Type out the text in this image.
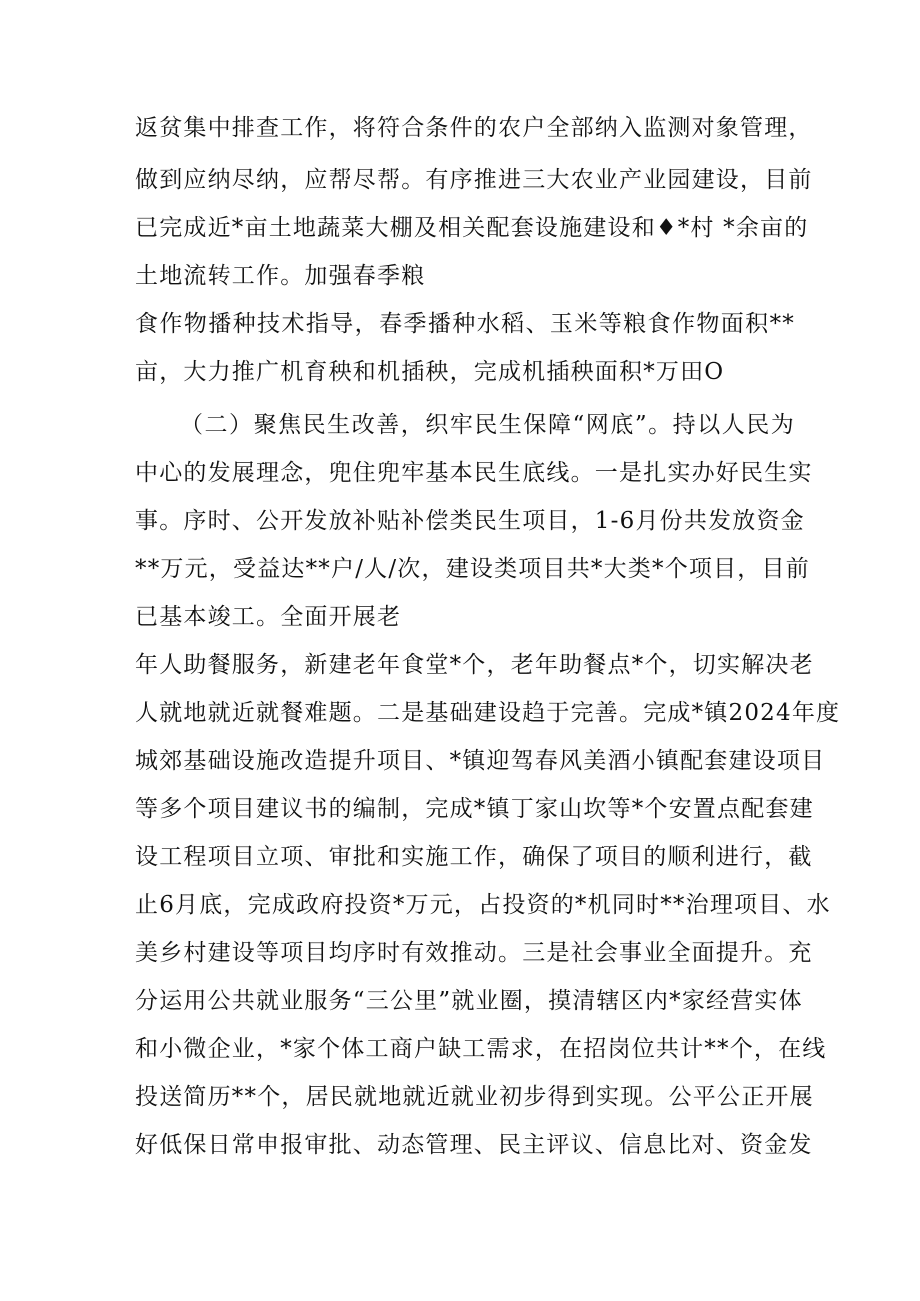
返贫集中排查工作，将符合条件的农户全部纳入监测对象管理，
做到应纳尽纳，应帮尽帮。有序推进三大农业产业园建设，目前
已完成近*亩土地蔬菜大棚及相关配套设施建设和♦*村 *余亩的
土地流转工作。加强春季粮
食作物播种技术指导，春季播种水稻、玉米等粮食作物面积**
亩，大力推广机育秧和机插秧，完成机插秧面积*万田O
（二）聚焦民生改善，织牢民生保障“网底”。持以人民为
中心的发展理念，兜住兜牢基本民生底线。一是扎实办好民生实
事。序时、公开发放补贴补偿类民生项目，1-6月份共发放资金
**万元，受益达**户/人/次，建设类项目共*大类*个项目，目前
已基本竣工。全面开展老
年人助餐服务，新建老年食堂*个，老年助餐点*个，切实解决老
人就地就近就餐难题。二是基础建设趋于完善。完成*镇2024年度
城郊基础设施改造提升项目、*镇迎驾春风美酒小镇配套建设项目
等多个项目建议书的编制，完成*镇丁家山坎等*个安置点配套建
设工程项目立项、审批和实施工作，确保了项目的顺利进行，截
止6月底，完成政府投资*万元，占投资的*机同时**治理项目、水
美乡村建设等项目均序时有效推动。三是社会事业全面提升。充
分运用公共就业服务“三公里”就业圈，摸清辖区内*家经营实体
和小微企业，*家个体工商户缺工需求，在招岗位共计**个，在线
投送简历**个，居民就地就近就业初步得到实现。公平公正开展
好低保日常申报审批、动态管理、民主评议、信息比对、资金发
